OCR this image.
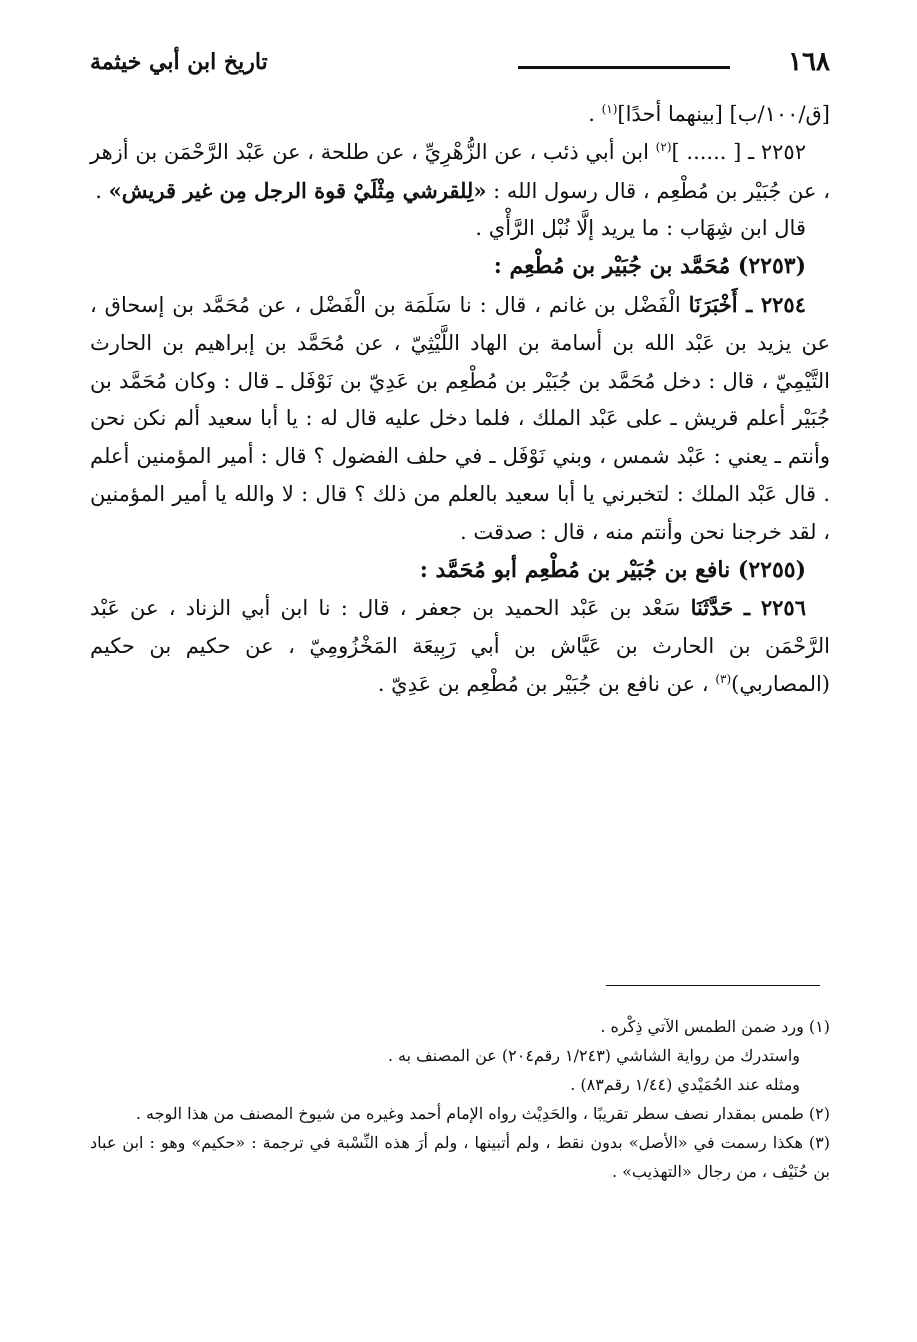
١٦٨
تاريخ ابن أبي خيثمة

[ق/١٠٠/ب] [بينهما أحدًا]$^{(١)}$ .

٢٢٥٢ ـ [ ...... ]$^{(٢)}$ ابن أبي ذئب ، عن الزُّهْرِيِّ ، عن طلحة ، عن عَبْد الرَّحْمَن بن أزهر ، عن جُبَيْر بن مُطْعِم ، قال رسول الله : «لِلقرشي مِثْلَيْ قوة الرجل مِن غير قريش» .

قال ابن شِهَاب : ما يريد إلَّا نُبْل الرَّأْي .

(٢٢٥٣) مُحَمَّد بن جُبَيْر بن مُطْعِم :

٢٢٥٤ ـ أَخْبَرَنَا الْفَضْل بن غانم ، قال : نا سَلَمَة بن الْفَضْل ، عن مُحَمَّد بن إسحاق ، عن يزيد بن عَبْد الله بن أسامة بن الهاد اللَّيْثِيّ ، عن مُحَمَّد بن إبراهيم بن الحارث التَّيْمِيّ ، قال : دخل مُحَمَّد بن جُبَيْر بن مُطْعِم بن عَدِيّ بن نَوْفَل ـ قال : وكان مُحَمَّد بن جُبَيْر أعلم قريش ـ على عَبْد الملك ، فلما دخل عليه قال له : يا أبا سعيد ألم نكن نحن وأنتم ـ يعني : عَبْد شمس ، وبني نَوْفَل ـ في حلف الفضول ؟ قال : أمير المؤمنين أعلم . قال عَبْد الملك : لتخبرني يا أبا سعيد بالعلم من ذلك ؟ قال : لا والله يا أمير المؤمنين ، لقد خرجنا نحن وأنتم منه ، قال : صدقت .

(٢٢٥٥) نافع بن جُبَيْر بن مُطْعِم أبو مُحَمَّد :

٢٢٥٦ ـ حَدَّثَنَا سَعْد بن عَبْد الحميد بن جعفر ، قال : نا ابن أبي الزناد ، عن عَبْد الرَّحْمَن بن الحارث بن عَيَّاش بن أبي رَبِيعَة المَخْزُومِيّ ، عن حكيم بن حكيم (المصاربي)$^{(٣)}$ ، عن نافع بن جُبَيْر بن مُطْعِم بن عَدِيّ .

(١) ورد ضمن الطمس الآتي ذِكْره .

واستدرك من رواية الشاشي (١/٢٤٣ رقم٢٠٤) عن المصنف به .

ومثله عند الحُمَيْدي (١/٤٤ رقم٨٣) .

(٢) طمس بمقدار نصف سطر تقريبًا ، والحَدِيْث رواه الإمام أحمد وغيره من شيوخ المصنف من هذا الوجه .

(٣) هكذا رسمت في «الأصل» بدون نقط ، ولم أتبينها ، ولم أرَ هذه النِّسْبة في ترجمة : «حكيم» وهو : ابن عباد بن حُنَيْف ، من رجال «التهذيب» .
